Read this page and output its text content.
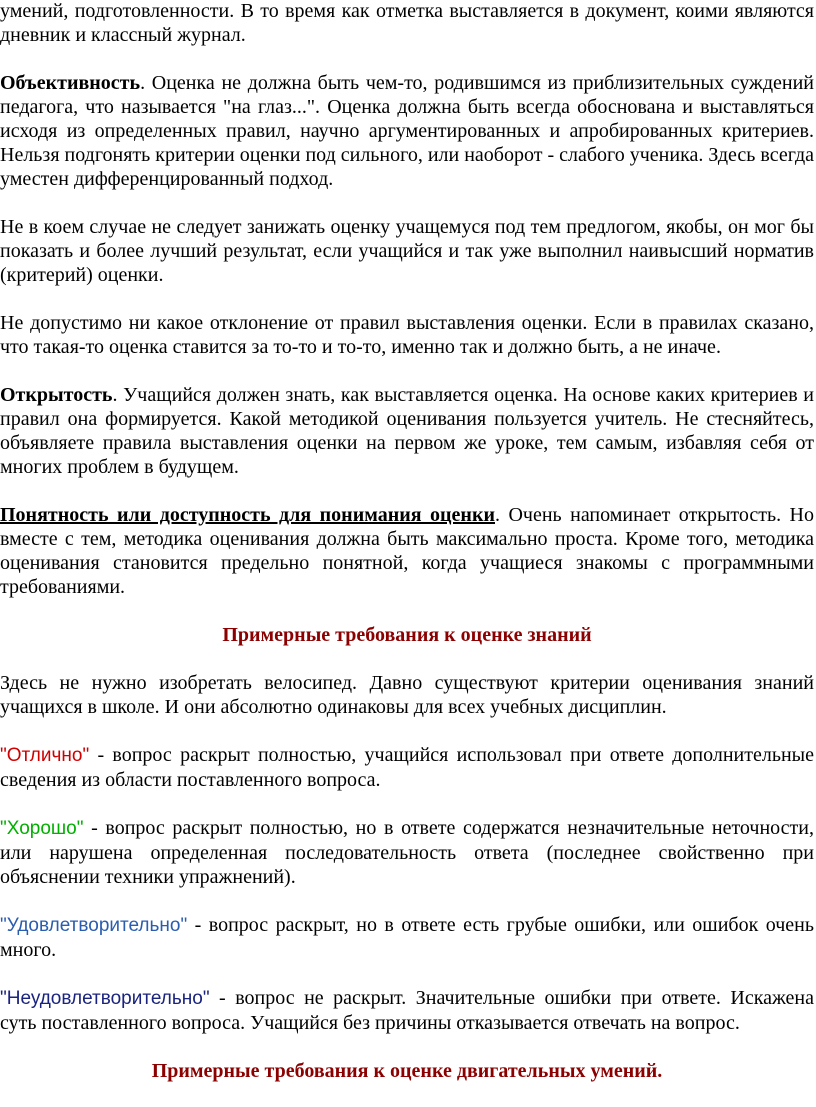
умений, подготовленности. В то время как отметка выставляется в документ, коими являются дневник и классный журнал.

Объективность. Оценка не должна быть чем-то, родившимся из приблизительных суждений педагога, что называется "на глаз...". Оценка должна быть всегда обоснована и выставляться исходя из определенных правил, научно аргументированных и апробированных критериев. Нельзя подгонять критерии оценки под сильного, или наоборот - слабого ученика. Здесь всегда уместен дифференцированный подход.

Не в коем случае не следует занижать оценку учащемуся под тем предлогом, якобы, он мог бы показать и более лучший результат, если учащийся и так уже выполнил наивысший норматив (критерий) оценки.

Не допустимо ни какое отклонение от правил выставления оценки. Если в правилах сказано, что такая-то оценка ставится за то-то и то-то, именно так и должно быть, а не иначе.

Открытость. Учащийся должен знать, как выставляется оценка. На основе каких критериев и правил она формируется. Какой методикой оценивания пользуется учитель. Не стесняйтесь, объявляете правила выставления оценки на первом же уроке, тем самым, избавляя себя от многих проблем в будущем.

Понятность или доступность для понимания оценки. Очень напоминает открытость. Но вместе с тем, методика оценивания должна быть максимально проста. Кроме того, методика оценивания становится предельно понятной, когда учащиеся знакомы с программными требованиями.

Примерные требования к оценке знаний

Здесь не нужно изобретать велосипед. Давно существуют критерии оценивания знаний учащихся в школе. И они абсолютно одинаковы для всех учебных дисциплин.

"Отлично" - вопрос раскрыт полностью, учащийся использовал при ответе дополнительные сведения из области поставленного вопроса.

"Хорошо" - вопрос раскрыт полностью, но в ответе содержатся незначительные неточности, или нарушена определенная последовательность ответа (последнее свойственно при объяснении техники упражнений).

"Удовлетворительно" - вопрос раскрыт, но в ответе есть грубые ошибки, или ошибок очень много.

"Неудовлетворительно" - вопрос не раскрыт. Значительные ошибки при ответе. Искажена суть поставленного вопроса. Учащийся без причины отказывается отвечать на вопрос.

Примерные требования к оценке двигательных умений.
